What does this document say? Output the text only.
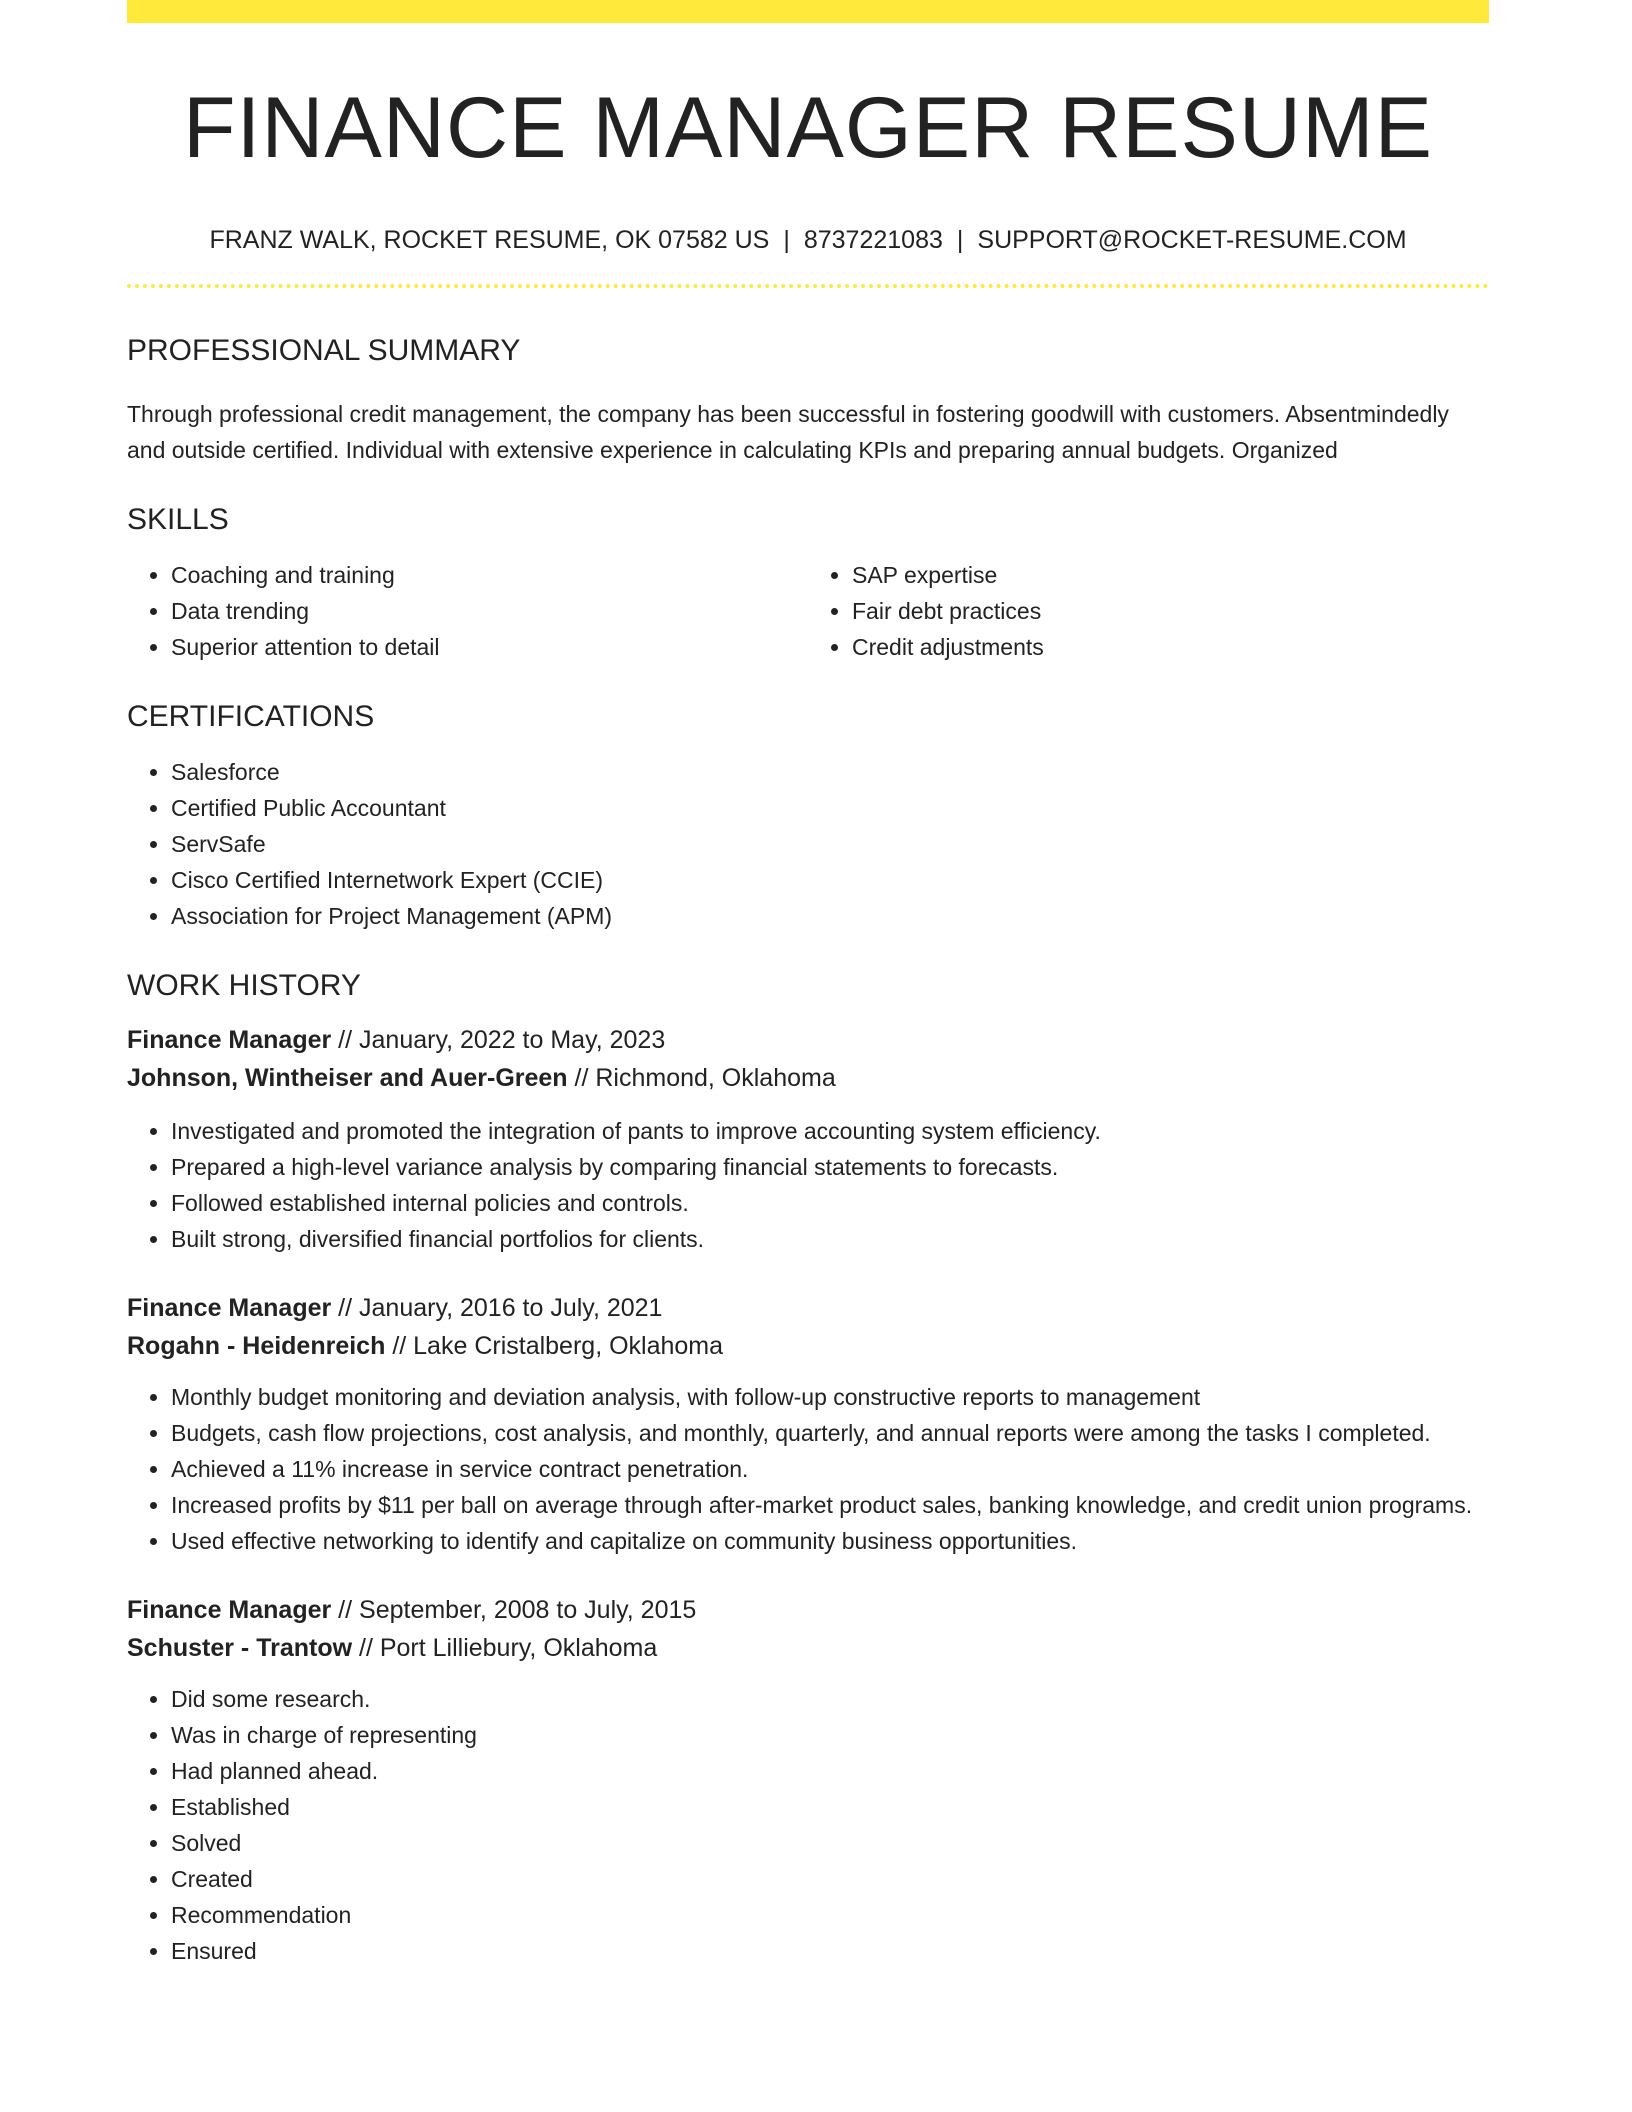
FINANCE MANAGER RESUME
FRANZ WALK, ROCKET RESUME, OK 07582 US | 8737221083 | SUPPORT@ROCKET-RESUME.COM
PROFESSIONAL SUMMARY

Through professional credit management, the company has been successful in fostering goodwill with customers. Absentmindedly and outside certified. Individual with extensive experience in calculating KPIs and preparing annual budgets. Organized

SKILLS
• Coaching and training
• Data trending
• Superior attention to detail
• SAP expertise
• Fair debt practices
• Credit adjustments
CERTIFICATIONS
• Salesforce
• Certified Public Accountant
• ServSafe
• Cisco Certified Internetwork Expert (CCIE)
• Association for Project Management (APM)
WORK HISTORY
Finance Manager // January, 2022 to May, 2023
Johnson, Wintheiser and Auer-Green // Richmond, Oklahoma
• Investigated and promoted the integration of pants to improve accounting system efficiency.
• Prepared a high-level variance analysis by comparing financial statements to forecasts.
• Followed established internal policies and controls.
• Built strong, diversified financial portfolios for clients.
Finance Manager // January, 2016 to July, 2021
Rogahn - Heidenreich // Lake Cristalberg, Oklahoma
• Monthly budget monitoring and deviation analysis, with follow-up constructive reports to management
• Budgets, cash flow projections, cost analysis, and monthly, quarterly, and annual reports were among the tasks I completed.
• Achieved a 11% increase in service contract penetration.
• Increased profits by $11 per ball on average through after-market product sales, banking knowledge, and credit union programs.
• Used effective networking to identify and capitalize on community business opportunities.
Finance Manager // September, 2008 to July, 2015
Schuster - Trantow // Port Lilliebury, Oklahoma
• Did some research.
• Was in charge of representing
• Had planned ahead.
• Established
• Solved
• Created
• Recommendation
• Ensured
